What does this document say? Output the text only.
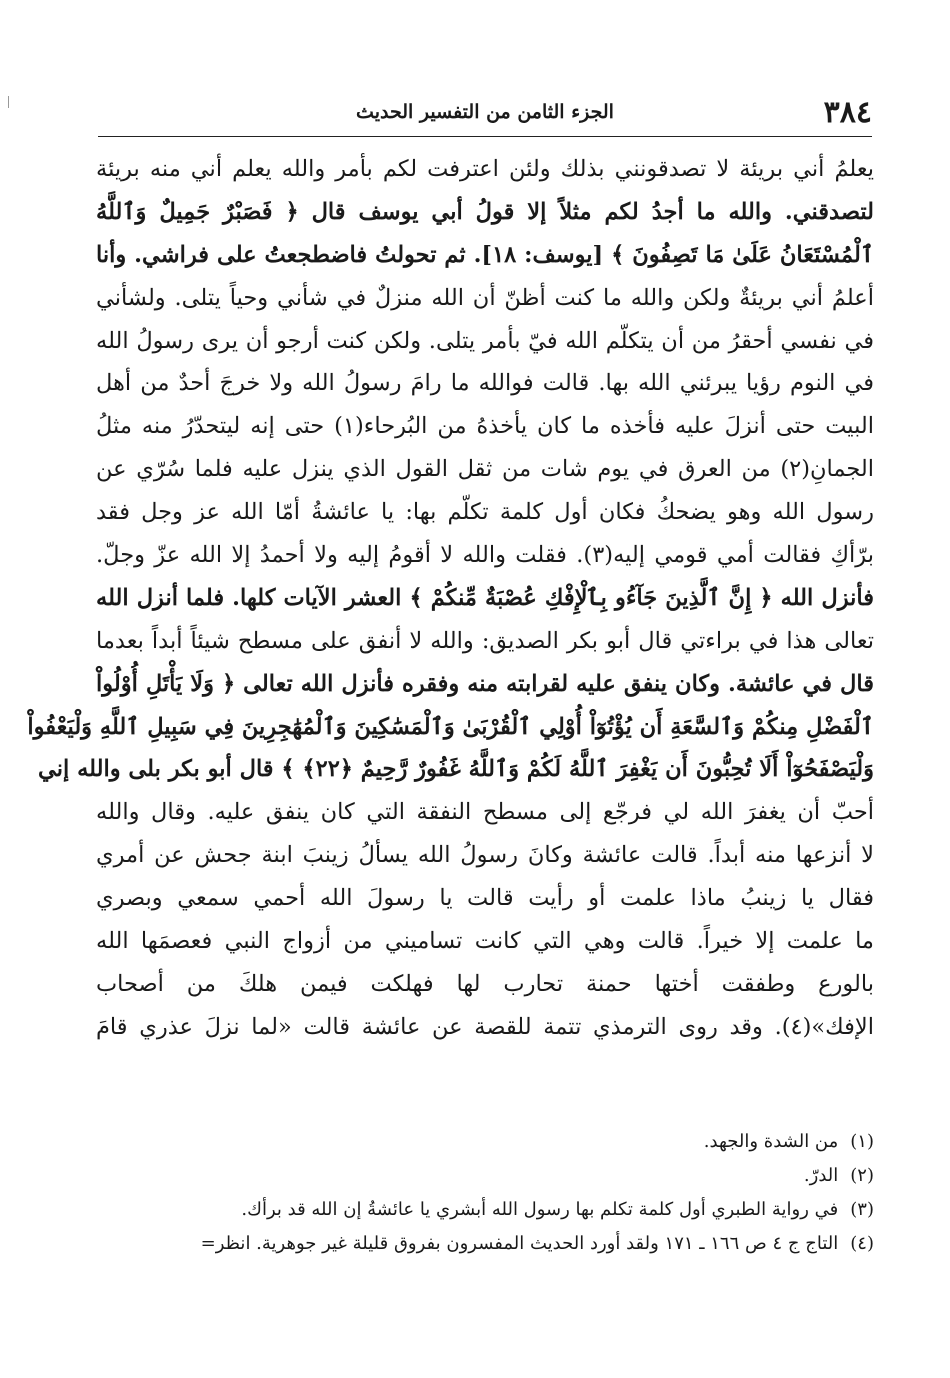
٣٨٤
الجزء الثامن من التفسير الحديث
يعلمُ أني بريئة لا تصدقونني بذلك ولئن اعترفت لكم بأمر والله يعلم أني منه بريئة
لتصدقني. والله ما أجدُ لكم مثلاً إلا قولُ أبي يوسف قال ﴿ فَصَبْرٌ جَمِيلٌ وَٱللَّهُ
ٱلْمُسْتَعَانُ عَلَىٰ مَا تَصِفُونَ ﴾ [يوسف: ١٨]. ثم تحولتُ فاضطجعتُ على فراشي. وأنا
أعلمُ أني بريئةٌ ولكن والله ما كنت أظنّ أن الله منزلٌ في شأني وحياً يتلى. ولشأني
في نفسي أحقرُ من أن يتكلّم الله فيّ بأمر يتلى. ولكن كنت أرجو أن يرى رسولُ الله
في النوم رؤيا يبرئني الله بها. قالت فوالله ما رامَ رسولُ الله ولا خرجَ أحدٌ من أهل
البيت حتى أنزلَ عليه فأخذه ما كان يأخذهُ من البُرحاء(١) حتى إنه ليتحدّرُ منه مثلُ
الجمانِ(٢) من العرق في يوم شات من ثقل القول الذي ينزل عليه فلما سُرّي عن
رسول الله وهو يضحكُ فكان أول كلمة تكلّم بها: يا عائشةُ أمّا الله عز وجل فقد
برّأكِ فقالت أمي قومي إليه(٣). فقلت والله لا أقومُ إليه ولا أحمدُ إلا الله عزّ وجلّ.
فأنزل الله ﴿ إِنَّ ٱلَّذِينَ جَآءُو بِٱلْإِفْكِ عُصْبَةٌ مِّنكُمْ ﴾ العشر الآيات كلها. فلما أنزل الله
تعالى هذا في براءتي قال أبو بكر الصديق: والله لا أنفق على مسطح شيئاً أبداً بعدما
قال في عائشة. وكان ينفق عليه لقرابته منه وفقره فأنزل الله تعالى ﴿ وَلَا يَأْتَلِ أُوْلُواْ
ٱلْفَضْلِ مِنكُمْ وَٱلسَّعَةِ أَن يُؤْتُوٓاْ أُوْلِي ٱلْقُرْبَىٰ وَٱلْمَسَٰكِينَ وَٱلْمُهَٰجِرِينَ فِي سَبِيلِ ٱللَّهِ وَلْيَعْفُواْ
وَلْيَصْفَحُوٓاْ أَلَا تُحِبُّونَ أَن يَغْفِرَ ٱللَّهُ لَكُمْ وَٱللَّهُ غَفُورٌ رَّحِيمٌ ﴿٢٢﴾ ﴾ قال أبو بكر بلى والله إني
أحبّ أن يغفرَ الله لي فرجّع إلى مسطح النفقة التي كان ينفق عليه. وقال والله
لا أنزعها منه أبداً. قالت عائشة وكانَ رسولُ الله يسألُ زينبَ ابنة جحش عن أمري
فقال يا زينبُ ماذا علمت أو رأيت قالت يا رسولَ الله أحمي سمعي وبصري
ما علمت إلا خيراً. قالت وهي التي كانت تساميني من أزواج النبي فعصمَها الله
بالورع وطفقت أختها حمنة تحارب لها فهلكت فيمن هلكَ من أصحاب
الإفك»(٤). وقد روى الترمذي تتمة للقصة عن عائشة قالت «لما نزلَ عذري قامَ
(١)من الشدة والجهد.
(٢)الدرّ.
(٣)في رواية الطبري أول كلمة تكلم بها رسول الله أبشري يا عائشةُ إن الله قد برأك.
(٤)التاج ج ٤ ص ١٦٦ ـ ١٧١ ولقد أورد الحديث المفسرون بفروق قليلة غير جوهرية. انظر=
